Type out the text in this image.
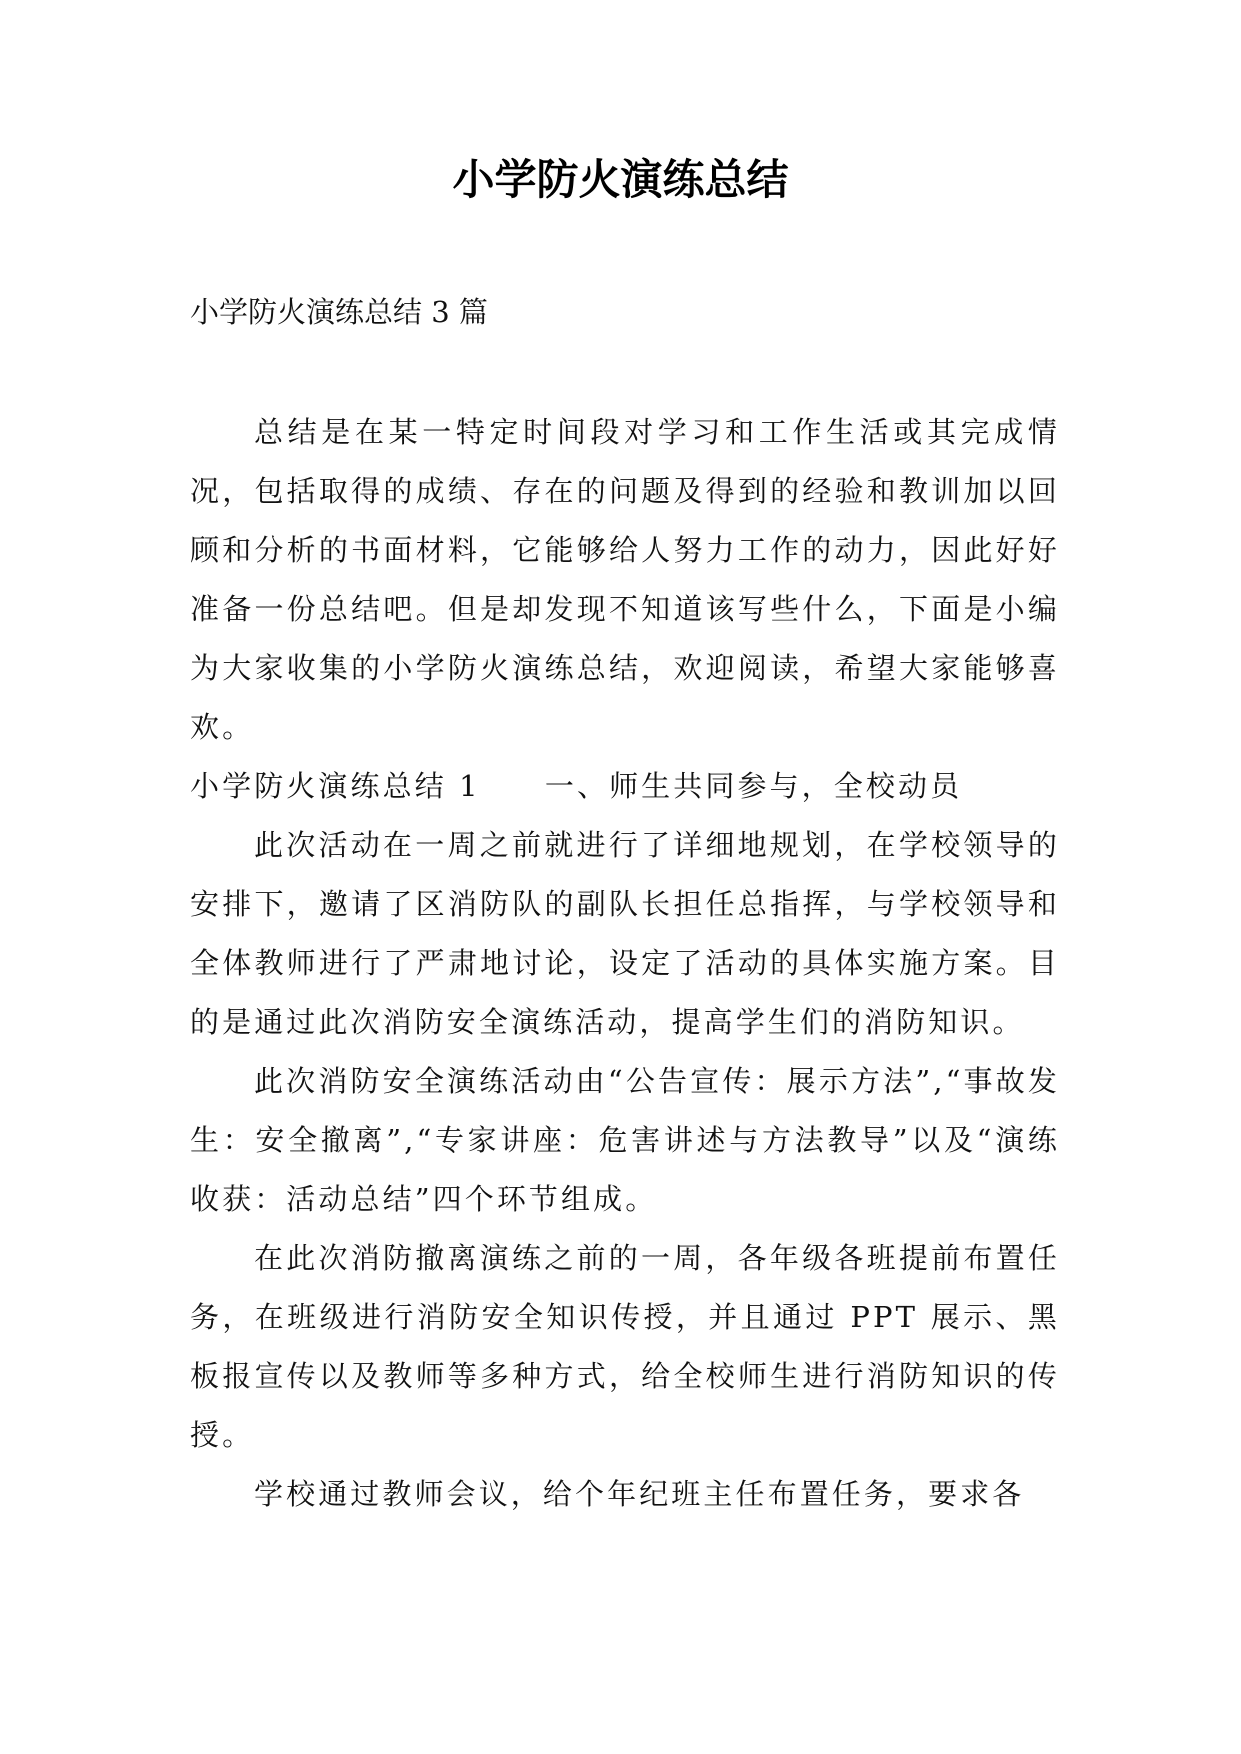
小学防火演练总结
小学防火演练总结 3 篇

总结是在某一特定时间段对学习和工作生活或其完成情况，包括取得的成绩、存在的问题及得到的经验和教训加以回顾和分析的书面材料，它能够给人努力工作的动力，因此好好准备一份总结吧。但是却发现不知道该写些什么，下面是小编为大家收集的小学防火演练总结，欢迎阅读，希望大家能够喜欢。

小学防火演练总结 1　　一、师生共同参与，全校动员

此次活动在一周之前就进行了详细地规划，在学校领导的安排下，邀请了区消防队的副队长担任总指挥，与学校领导和全体教师进行了严肃地讨论，设定了活动的具体实施方案。目的是通过此次消防安全演练活动，提高学生们的消防知识。

此次消防安全演练活动由“公告宣传：展示方法”,“事故发生：安全撤离”,“专家讲座：危害讲述与方法教导”以及“演练收获：活动总结”四个环节组成。

在此次消防撤离演练之前的一周，各年级各班提前布置任务，在班级进行消防安全知识传授，并且通过 PPT 展示、黑板报宣传以及教师等多种方式，给全校师生进行消防知识的传授。

学校通过教师会议，给个年纪班主任布置任务，要求各
